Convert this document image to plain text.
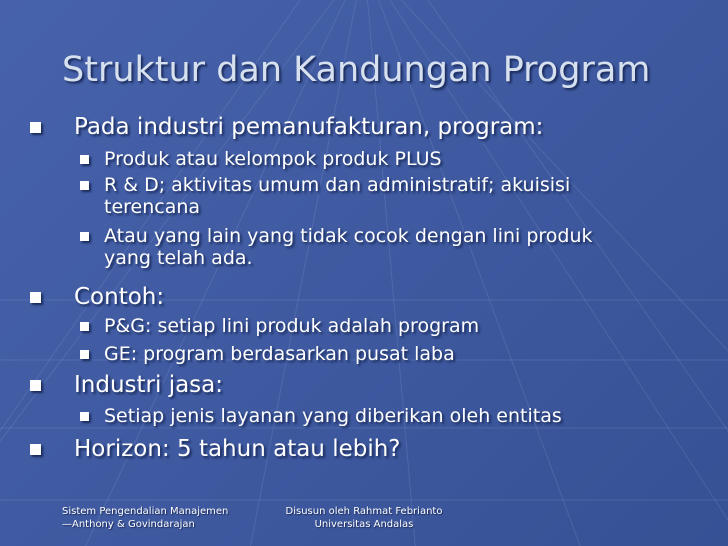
Struktur dan Kandungan Program
Pada industri pemanufakturan, program:
Produk atau kelompok produk PLUS
R & D; aktivitas umum dan administratif; akuisisi
terencana
Atau yang lain yang tidak cocok dengan lini produk
yang telah ada.
Contoh:
P&G: setiap lini produk adalah program
GE: program berdasarkan pusat laba
Industri jasa:
Setiap jenis layanan yang diberikan oleh entitas
Horizon: 5 tahun atau lebih?
Sistem Pengendalian Manajemen
—Anthony & Govindarajan
Disusun oleh Rahmat Febrianto
Universitas Andalas
